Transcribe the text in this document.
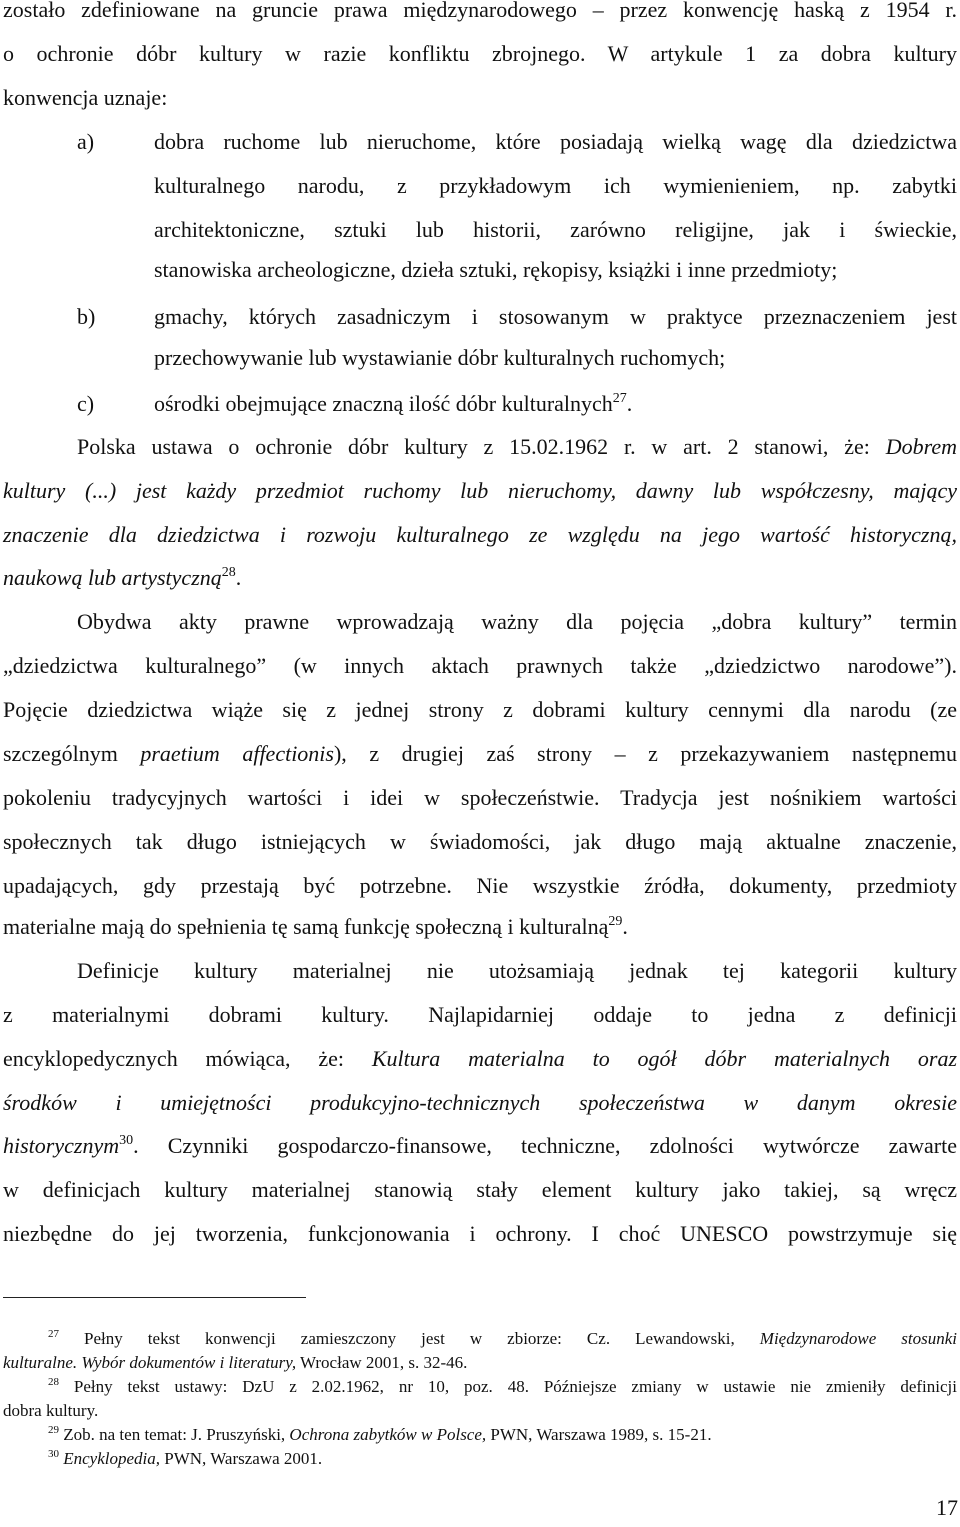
zostało zdefiniowane na gruncie prawa międzynarodowego – przez konwencję haską z 1954 r.
o ochronie dóbr kultury w razie konfliktu zbrojnego. W artykule 1 za dobra kultury
konwencja uznaje:
a)	dobra ruchome lub nieruchome, które posiadają wielką wagę dla dziedzictwa
kulturalnego narodu, z przykładowym ich wymienieniem, np. zabytki
architektoniczne, sztuki lub historii, zarówno religijne, jak i świeckie,
stanowiska archeologiczne, dzieła sztuki, rękopisy, książki i inne przedmioty;
b)	gmachy, których zasadniczym i stosowanym w praktyce przeznaczeniem jest
przechowywanie lub wystawianie dóbr kulturalnych ruchomych;
c)	ośrodki obejmujące znaczną ilość dóbr kulturalnych$^{27}$.
Polska ustawa o ochronie dóbr kultury z 15.02.1962 r. w art. 2 stanowi, że: Dobrem
kultury (...) jest każdy przedmiot ruchomy lub nieruchomy, dawny lub współczesny, mający
znaczenie dla dziedzictwa i rozwoju kulturalnego ze względu na jego wartość historyczną,
naukową lub artystyczną$^{28}$.
Obydwa akty prawne wprowadzają ważny dla pojęcia „dobra kultury” termin
„dziedzictwa kulturalnego” (w innych aktach prawnych także „dziedzictwo narodowe”).
Pojęcie dziedzictwa wiąże się z jednej strony z dobrami kultury cennymi dla narodu (ze
szczególnym praetium affectionis), z drugiej zaś strony – z przekazywaniem następnemu
pokoleniu tradycyjnych wartości i idei w społeczeństwie. Tradycja jest nośnikiem wartości
społecznych tak długo istniejących w świadomości, jak długo mają aktualne znaczenie,
upadających, gdy przestają być potrzebne. Nie wszystkie źródła, dokumenty, przedmioty
materialne mają do spełnienia tę samą funkcję społeczną i kulturalną$^{29}$.
Definicje kultury materialnej nie utożsamiają jednak tej kategorii kultury
z materialnymi dobrami kultury. Najlapidarniej oddaje to jedna z definicji
encyklopedycznych mówiąca, że: Kultura materialna to ogół dóbr materialnych oraz
środków i umiejętności produkcyjno-technicznych społeczeństwa w danym okresie
historycznym$^{30}$. Czynniki gospodarczo-finansowe, techniczne, zdolności wytwórcze zawarte
w definicjach kultury materialnej stanowią stały element kultury jako takiej, są wręcz
niezbędne do jej tworzenia, funkcjonowania i ochrony. I choć UNESCO powstrzymuje się
$^{27}$ Pełny tekst konwencji zamieszczony jest w zbiorze: Cz. Lewandowski, Międzynarodowe stosunki
kulturalne. Wybór dokumentów i literatury, Wrocław 2001, s. 32-46.
$^{28}$ Pełny tekst ustawy: DzU z 2.02.1962, nr 10, poz. 48. Późniejsze zmiany w ustawie nie zmieniły definicji
dobra kultury.
$^{29}$ Zob. na ten temat: J. Pruszyński, Ochrona zabytków w Polsce, PWN, Warszawa 1989, s. 15-21.
$^{30}$ Encyklopedia, PWN, Warszawa 2001.
17
